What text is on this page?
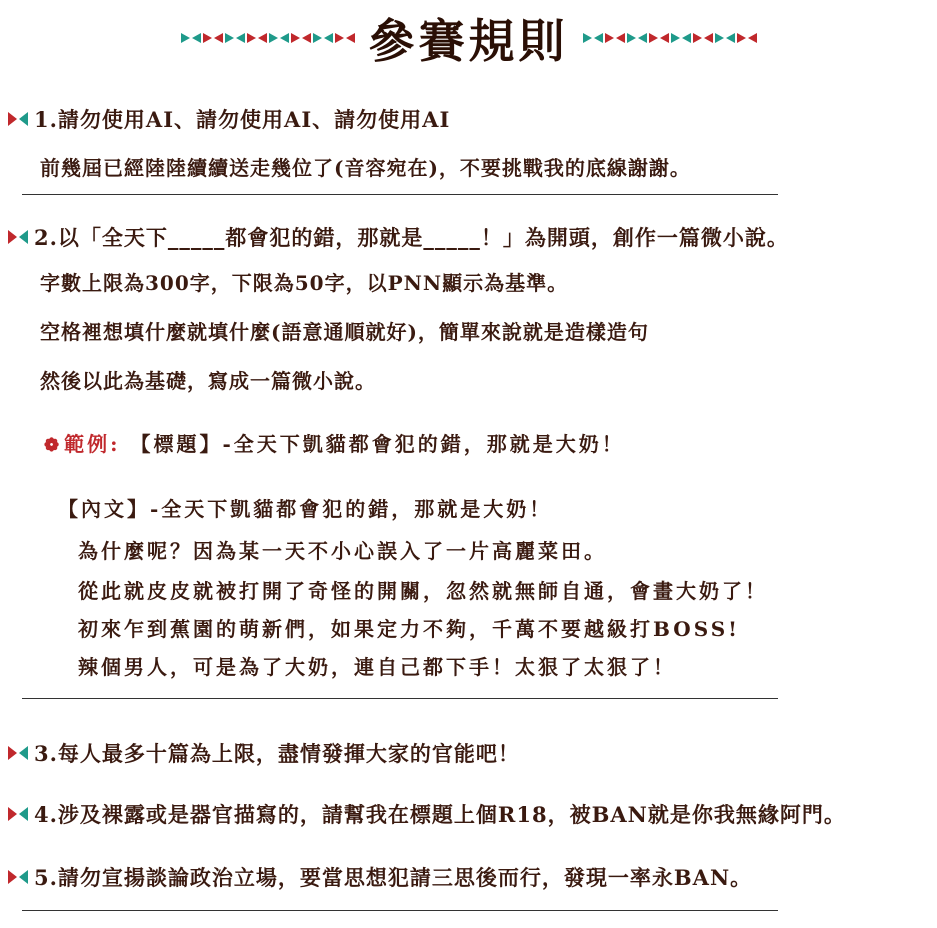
參賽規則
1.請勿使用AI、請勿使用AI、請勿使用AI
前幾屆已經陸陸續續送走幾位了(音容宛在)，不要挑戰我的底線謝謝。
2.以「全天下_____都會犯的錯，那就是_____！」為開頭，創作一篇微小說。
字數上限為300字，下限為50字，以PNN顯示為基準。
空格裡想填什麼就填什麼(語意通順就好)，簡單來說就是造樣造句
然後以此為基礎，寫成一篇微小說。
❁ 範例: 【標題】-全天下凱貓都會犯的錯，那就是大奶！
【內文】-全天下凱貓都會犯的錯，那就是大奶！
為什麼呢？因為某一天不小心誤入了一片高麗菜田。
從此就皮皮就被打開了奇怪的開關，忽然就無師自通，會畫大奶了！
初來乍到蕉園的萌新們，如果定力不夠，千萬不要越級打BOSS!
辣個男人，可是為了大奶，連自己都下手！太狠了太狠了！
3.每人最多十篇為上限，盡情發揮大家的官能吧！
4.涉及裸露或是器官描寫的，請幫我在標題上個R18，被BAN就是你我無緣阿門。
5.請勿宣揚談論政治立場，要當思想犯請三思後而行，發現一率永BAN。
